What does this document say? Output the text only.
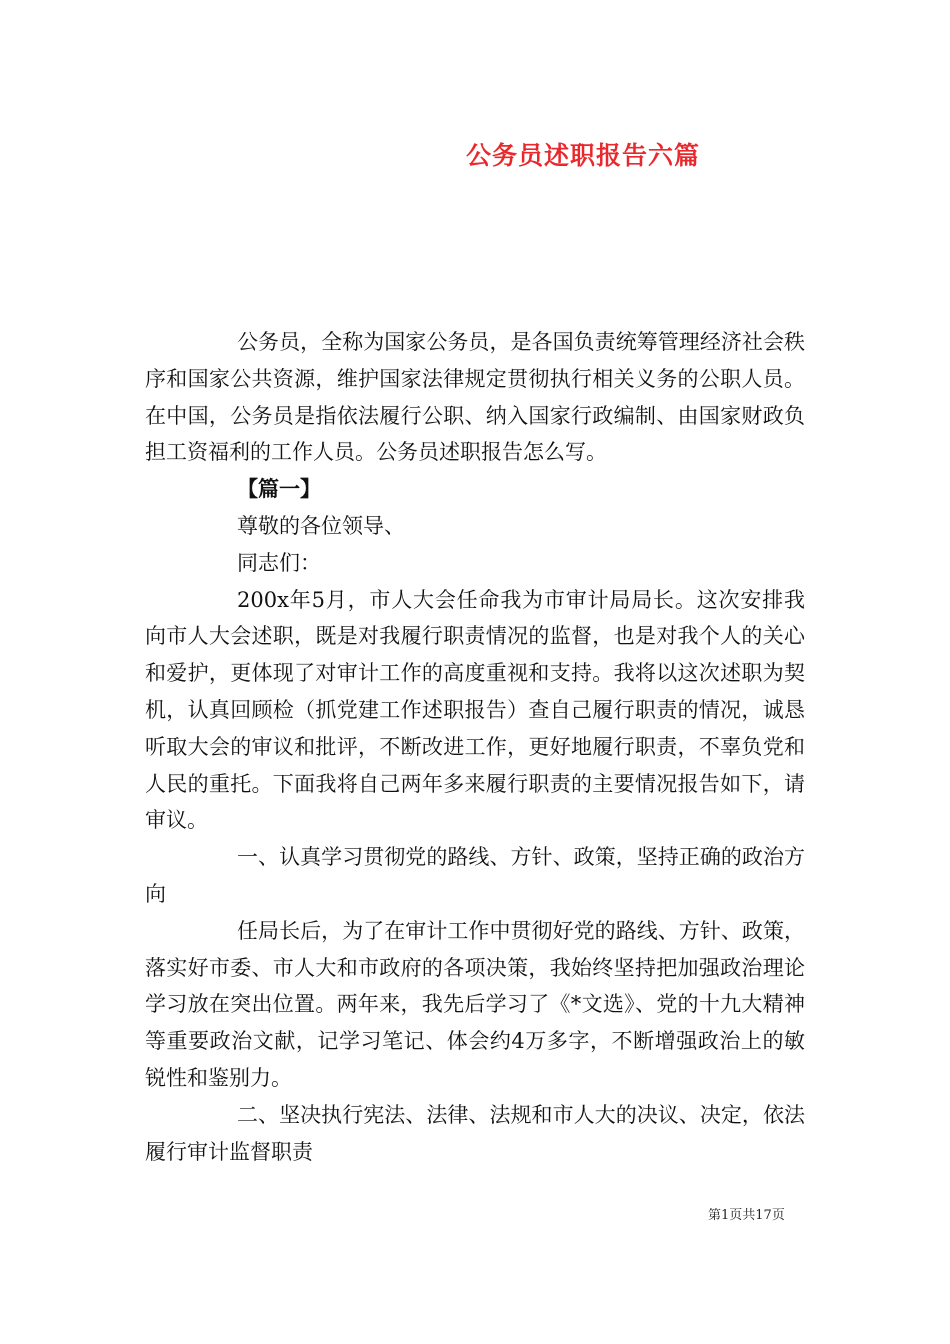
公务员述职报告六篇

公务员，全称为国家公务员，是各国负责统筹管理经济社会秩序和国家公共资源，维护国家法律规定贯彻执行相关义务的公职人员。在中国，公务员是指依法履行公职、纳入国家行政编制、由国家财政负担工资福利的工作人员。公务员述职报告怎么写。

【篇一】

尊敬的各位领导、

同志们：

200x年5月，市人大会任命我为市审计局局长。这次安排我向市人大会述职，既是对我履行职责情况的监督，也是对我个人的关心和爱护，更体现了对审计工作的高度重视和支持。我将以这次述职为契机，认真回顾检（抓党建工作述职报告）查自己履行职责的情况，诚恳听取大会的审议和批评，不断改进工作，更好地履行职责，不辜负党和人民的重托。下面我将自己两年多来履行职责的主要情况报告如下，请审议。

一、认真学习贯彻党的路线、方针、政策，坚持正确的政治方向

任局长后，为了在审计工作中贯彻好党的路线、方针、政策，落实好市委、市人大和市政府的各项决策，我始终坚持把加强政治理论学习放在突出位置。两年来，我先后学习了《*文选》、党的十九大精神等重要政治文献，记学习笔记、体会约4万多字，不断增强政治上的敏锐性和鉴别力。

二、坚决执行宪法、法律、法规和市人大的决议、决定，依法履行审计监督职责

第1页共17页
